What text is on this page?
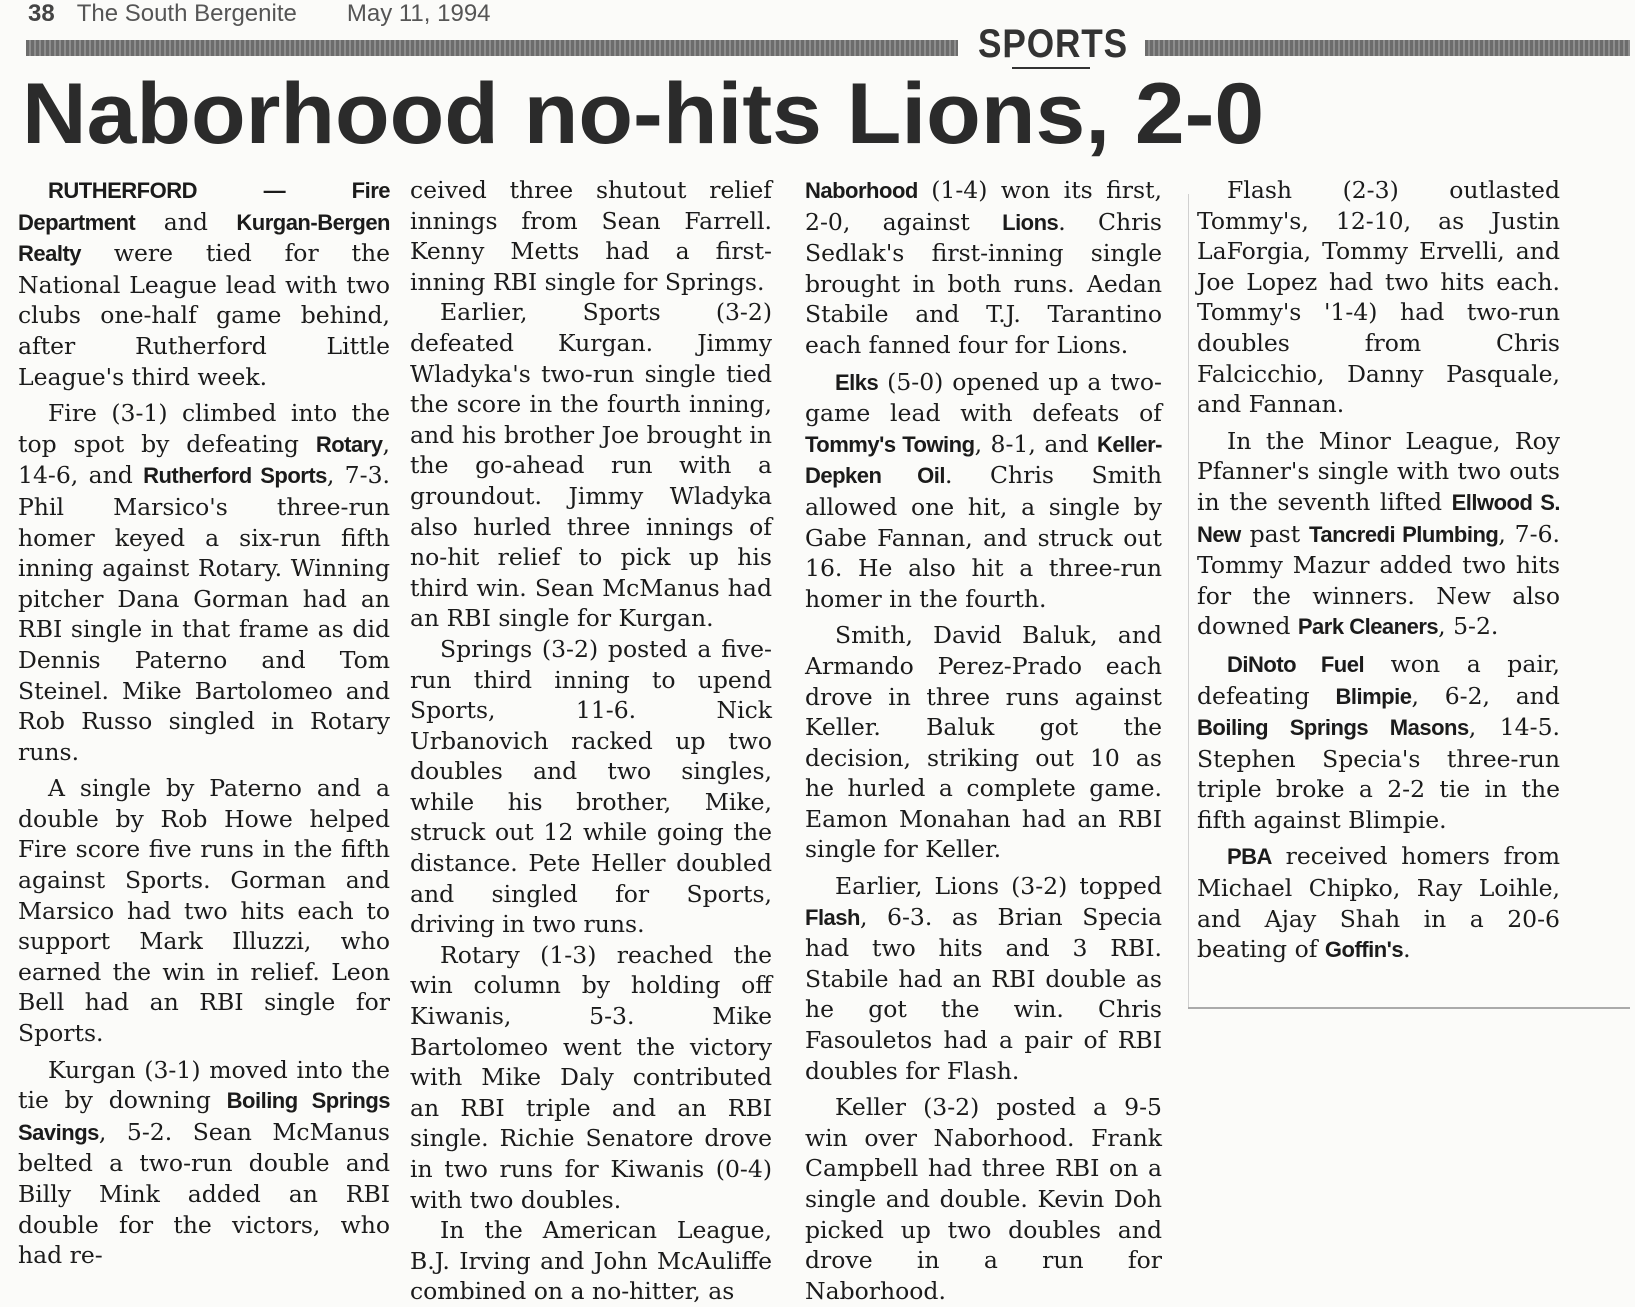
38 The South Bergenite May 11, 1994
SPORTS
Naborhood no-hits Lions, 2-0

RUTHERFORD — Fire Department and Kurgan-Bergen Realty were tied for the National League lead with two clubs one-half game behind, after Rutherford Little League's third week.

Fire (3-1) climbed into the top spot by defeating Rotary, 14-6, and Rutherford Sports, 7-3. Phil Marsico's three-run homer keyed a six-run fifth inning against Rotary. Winning pitcher Dana Gorman had an RBI single in that frame as did Dennis Paterno and Tom Steinel. Mike Bartolomeo and Rob Russo singled in Rotary runs.

A single by Paterno and a double by Rob Howe helped Fire score five runs in the fifth against Sports. Gorman and Marsico had two hits each to support Mark Illuzzi, who earned the win in relief. Leon Bell had an RBI single for Sports.

Kurgan (3-1) moved into the tie by downing Boiling Springs Savings, 5-2. Sean McManus belted a two-run double and Billy Mink added an RBI double for the victors, who had re-

ceived three shutout relief innings from Sean Farrell. Kenny Metts had a first-inning RBI single for Springs.

Earlier, Sports (3-2) defeated Kurgan. Jimmy Wladyka's two-run single tied the score in the fourth inning, and his brother Joe brought in the go-ahead run with a groundout. Jimmy Wladyka also hurled three innings of no-hit relief to pick up his third win. Sean McManus had an RBI single for Kurgan.

Springs (3-2) posted a five-run third inning to upend Sports, 11-6. Nick Urbanovich racked up two doubles and two singles, while his brother, Mike, struck out 12 while going the distance. Pete Heller doubled and singled for Sports, driving in two runs.

Rotary (1-3) reached the win column by holding off Kiwanis, 5-3. Mike Bartolomeo went the victory with Mike Daly contributed an RBI triple and an RBI single. Richie Senatore drove in two runs for Kiwanis (0-4) with two doubles.

In the American League, B.J. Irving and John McAuliffe combined on a no-hitter, as

Naborhood (1-4) won its first, 2-0, against Lions. Chris Sedlak's first-inning single brought in both runs. Aedan Stabile and T.J. Tarantino each fanned four for Lions.

Elks (5-0) opened up a two-game lead with defeats of Tommy's Towing, 8-1, and Keller-Depken Oil. Chris Smith allowed one hit, a single by Gabe Fannan, and struck out 16. He also hit a three-run homer in the fourth.

Smith, David Baluk, and Armando Perez-Prado each drove in three runs against Keller. Baluk got the decision, striking out 10 as he hurled a complete game. Eamon Monahan had an RBI single for Keller.

Earlier, Lions (3-2) topped Flash, 6-3. as Brian Specia had two hits and 3 RBI. Stabile had an RBI double as he got the win. Chris Fasouletos had a pair of RBI doubles for Flash.

Keller (3-2) posted a 9-5 win over Naborhood. Frank Campbell had three RBI on a single and double. Kevin Doh picked up two doubles and drove in a run for Naborhood.

Flash (2-3) outlasted Tommy's, 12-10, as Justin LaForgia, Tommy Ervelli, and Joe Lopez had two hits each. Tommy's '1-4) had two-run doubles from Chris Falcicchio, Danny Pasquale, and Fannan.

In the Minor League, Roy Pfanner's single with two outs in the seventh lifted Ellwood S. New past Tancredi Plumbing, 7-6. Tommy Mazur added two hits for the winners. New also downed Park Cleaners, 5-2.

DiNoto Fuel won a pair, defeating Blimpie, 6-2, and Boiling Springs Masons, 14-5. Stephen Specia's three-run triple broke a 2-2 tie in the fifth against Blimpie.

PBA received homers from Michael Chipko, Ray Loihle, and Ajay Shah in a 20-6 beating of Goffin's.
